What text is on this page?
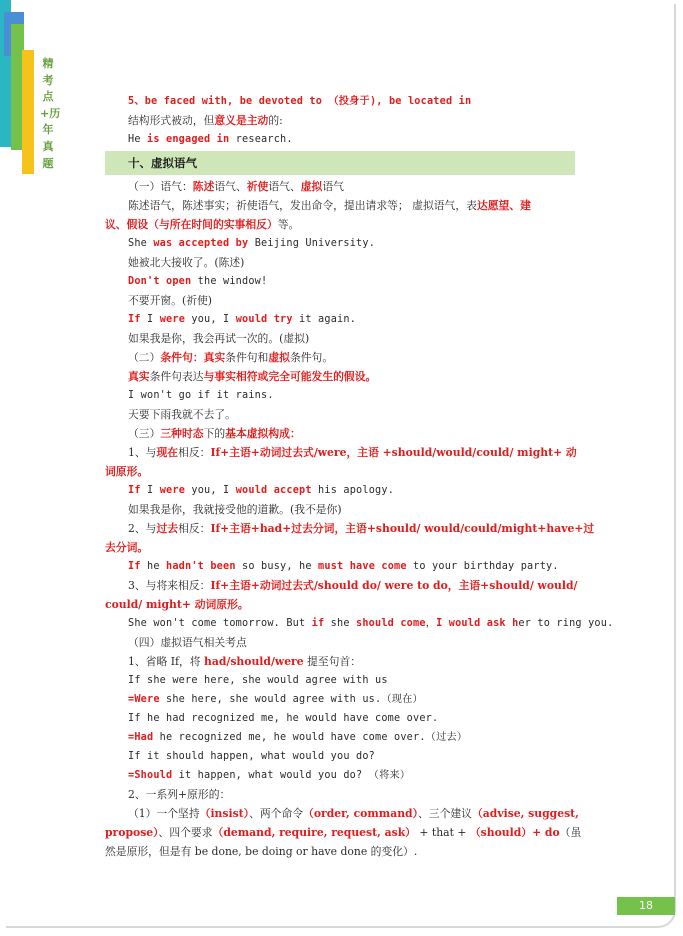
精考点+历年真题
5、be faced with, be devoted to （投身于), be located in
结构形式被动，但意义是主动的:
He is engaged in research.
十、虚拟语气
（一）语气：陈述语气、祈使语气、虚拟语气
陈述语气，陈述事实；祈使语气，发出命令，提出请求等； 虚拟语气，表达愿望、建
议、假设（与所在时间的实事相反）等。
She was accepted by Beijing University.
她被北大接收了。(陈述)
Don't open the window!
不要开窗。(祈使)
If I were you, I would try it again.
如果我是你，我会再试一次的。(虚拟)
（二）条件句：真实条件句和虚拟条件句。
真实条件句表达与事实相符或完全可能发生的假设。
I won't go if it rains.
天要下雨我就不去了。
（三）三种时态下的基本虚拟构成：
1、与现在相反：If+主语+动词过去式/were，主语 +should/would/could/ might+ 动
词原形。
If I were you, I would accept his apology.
如果我是你，我就接受他的道歉。(我不是你)
2、与过去相反：If+主语+had+过去分词，主语+should/ would/could/might+have+过
去分词。
If he hadn't been so busy, he must have come to your birthday party.
3、与将来相反：If+主语+动词过去式/should do/ were to do，主语+should/ would/
could/ might+ 动词原形。
She won't come tomorrow. But if she should come，I would ask her to ring you.
（四）虚拟语气相关考点
1、省略 If，将 had/should/were 提至句首：
If she were here, she would agree with us
=Were she here, she would agree with us.（现在）
If he had recognized me, he would have come over.
=Had he recognized me, he would have come over.（过去）
If it should happen, what would you do?
=Should it happen, what would you do? （将来）
2、一系列+原形的：
（1）一个坚持（insist）、两个命令（order, command）、三个建议（advise, suggest,
propose）、四个要求（demand, require, request, ask） + that + （should）+ do（虽
然是原形，但是有 be done, be doing or have done 的变化）.
18
